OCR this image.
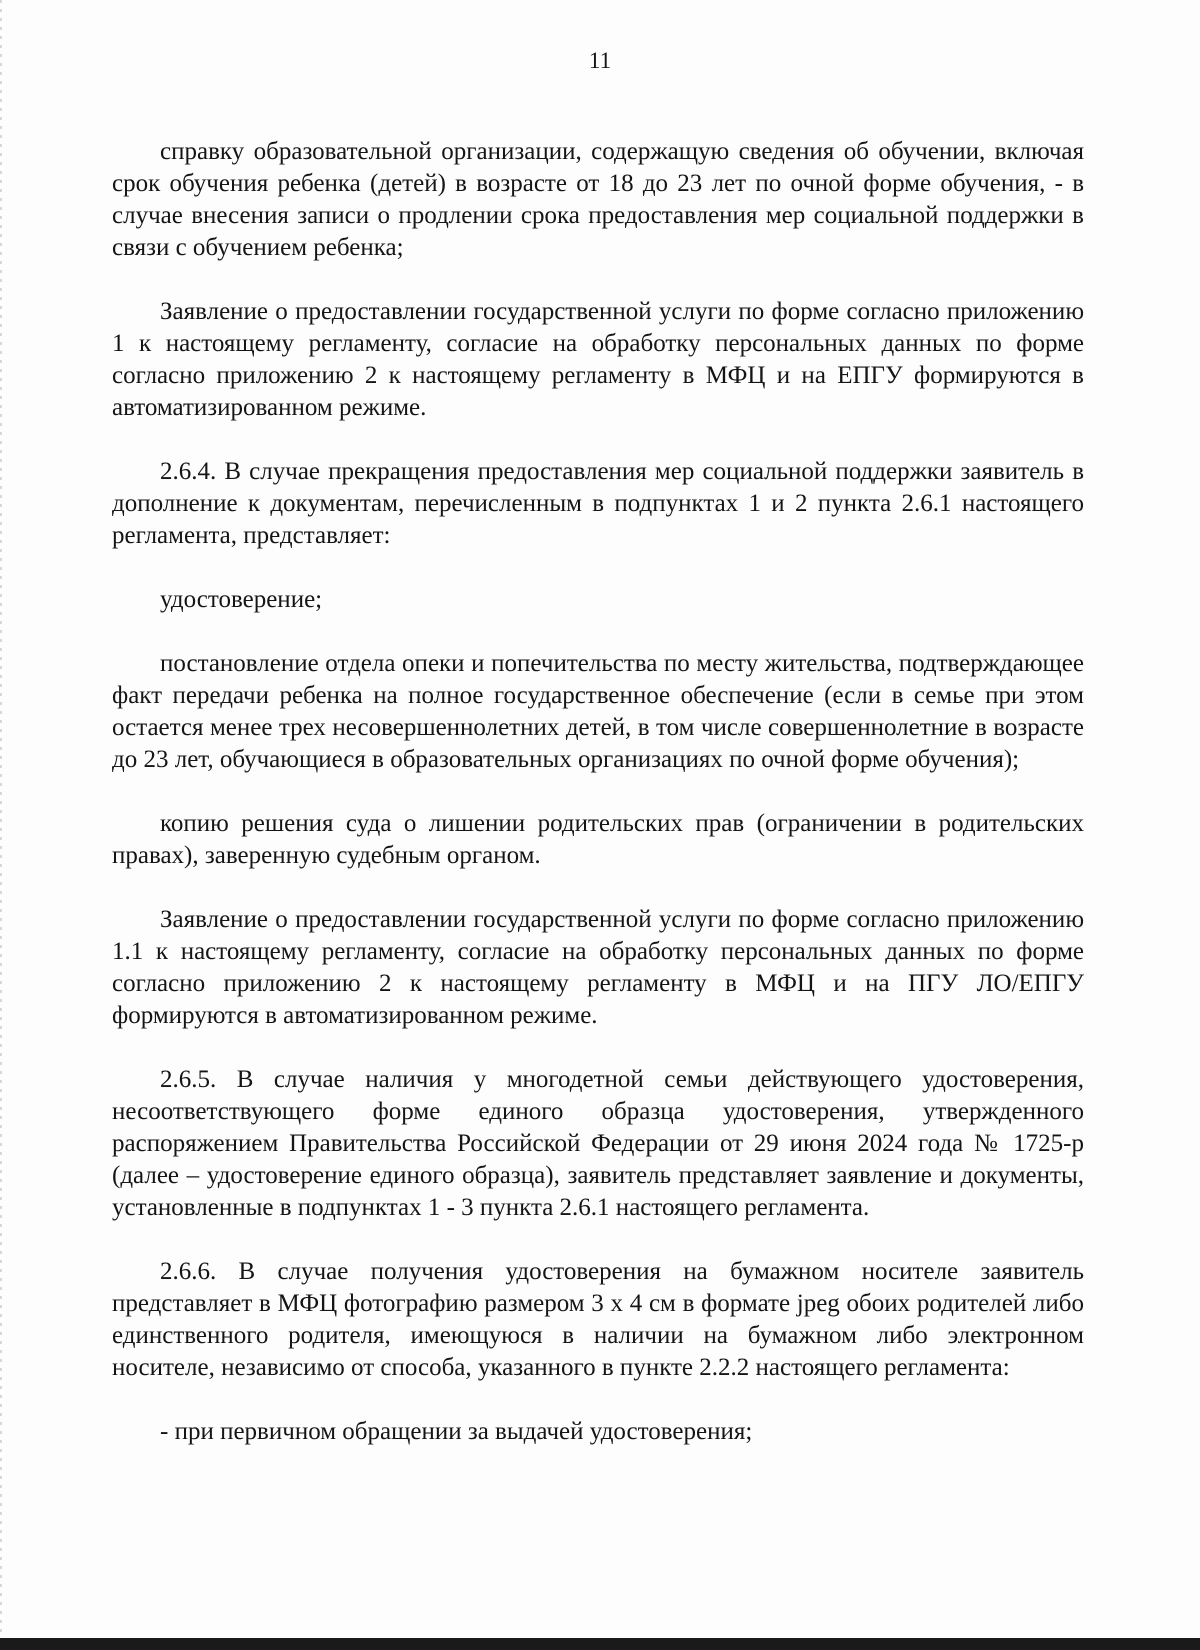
11

справку образовательной организации, содержащую сведения об обучении, включая срок обучения ребенка (детей) в возрасте от 18 до 23 лет по очной форме обучения, - в случае внесения записи о продлении срока предоставления мер социальной поддержки в связи с обучением ребенка;

Заявление о предоставлении государственной услуги по форме согласно приложению 1 к настоящему регламенту, согласие на обработку персональных данных по форме согласно приложению 2 к настоящему регламенту в МФЦ и на ЕПГУ формируются в автоматизированном режиме.

2.6.4. В случае прекращения предоставления мер социальной поддержки заявитель в дополнение к документам, перечисленным в подпунктах 1 и 2 пункта 2.6.1 настоящего регламента, представляет:

удостоверение;

постановление отдела опеки и попечительства по месту жительства, подтверждающее факт передачи ребенка на полное государственное обеспечение (если в семье при этом остается менее трех несовершеннолетних детей, в том числе совершеннолетние в возрасте до 23 лет, обучающиеся в образовательных организациях по очной форме обучения);

копию решения суда о лишении родительских прав (ограничении в родительских правах), заверенную судебным органом.

Заявление о предоставлении государственной услуги по форме согласно приложению 1.1 к настоящему регламенту, согласие на обработку персональных данных по форме согласно приложению 2 к настоящему регламенту в МФЦ и на ПГУ ЛО/ЕПГУ формируются в автоматизированном режиме.

2.6.5. В случае наличия у многодетной семьи действующего удостоверения, несоответствующего форме единого образца удостоверения, утвержденного распоряжением Правительства Российской Федерации от 29 июня 2024 года № 1725-р (далее – удостоверение единого образца), заявитель представляет заявление и документы, установленные в подпунктах 1 - 3 пункта 2.6.1 настоящего регламента.

2.6.6. В случае получения удостоверения на бумажном носителе заявитель представляет в МФЦ фотографию размером 3 х 4 см в формате jpeg обоих родителей либо единственного родителя, имеющуюся в наличии на бумажном либо электронном носителе, независимо от способа, указанного в пункте 2.2.2 настоящего регламента:

- при первичном обращении за выдачей удостоверения;
